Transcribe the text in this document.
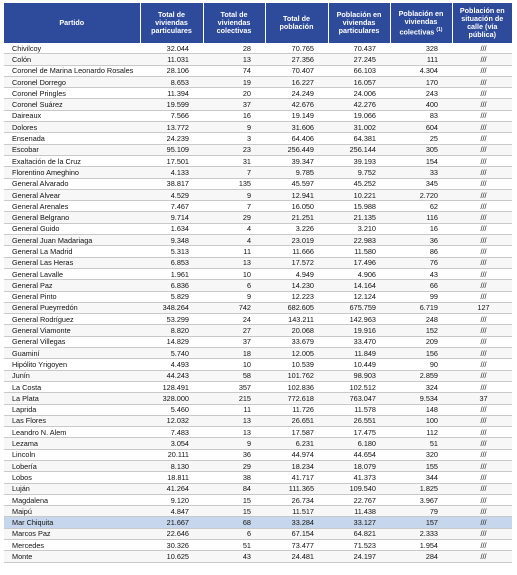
Partido	Total de viviendas particulares	Total de viviendas colectivas	Total de población	Población en viviendas particulares	Población en viviendas colectivas $^{(1)}$	Población en situación de calle (vía pública)
Chivilcoy	32.044	28	70.765	70.437	328	///
Colón	11.031	13	27.356	27.245	111	///
Coronel de Marina Leonardo Rosales	28.106	74	70.407	66.103	4.304	///
Coronel Dorrego	8.653	19	16.227	16.057	170	///
Coronel Pringles	11.394	20	24.249	24.006	243	///
Coronel Suárez	19.599	37	42.676	42.276	400	///
Daireaux	7.566	16	19.149	19.066	83	///
Dolores	13.772	9	31.606	31.002	604	///
Ensenada	24.239	3	64.406	64.381	25	///
Escobar	95.109	23	256.449	256.144	305	///
Exaltación de la Cruz	17.501	31	39.347	39.193	154	///
Florentino Ameghino	4.133	7	9.785	9.752	33	///
General Alvarado	38.817	135	45.597	45.252	345	///
General Alvear	4.529	9	12.941	10.221	2.720	///
General Arenales	7.467	7	16.050	15.988	62	///
General Belgrano	9.714	29	21.251	21.135	116	///
General Guido	1.634	4	3.226	3.210	16	///
General Juan Madariaga	9.348	4	23.019	22.983	36	///
General La Madrid	5.313	11	11.666	11.580	86	///
General Las Heras	6.853	13	17.572	17.496	76	///
General Lavalle	1.961	10	4.949	4.906	43	///
General Paz	6.836	6	14.230	14.164	66	///
General Pinto	5.829	9	12.223	12.124	99	///
General Pueyrredón	348.264	742	682.605	675.759	6.719	127
General Rodríguez	53.299	24	143.211	142.963	248	///
General Viamonte	8.820	27	20.068	19.916	152	///
General Villegas	14.829	37	33.679	33.470	209	///
Guaminí	5.740	18	12.005	11.849	156	///
Hipólito Yrigoyen	4.493	10	10.539	10.449	90	///
Junín	44.243	58	101.762	98.903	2.859	///
La Costa	128.491	357	102.836	102.512	324	///
La Plata	328.000	215	772.618	763.047	9.534	37
Laprida	5.460	11	11.726	11.578	148	///
Las Flores	12.032	13	26.651	26.551	100	///
Leandro N. Alem	7.483	13	17.587	17.475	112	///
Lezama	3.054	9	6.231	6.180	51	///
Lincoln	20.111	36	44.974	44.654	320	///
Lobería	8.130	29	18.234	18.079	155	///
Lobos	18.811	38	41.717	41.373	344	///
Luján	41.264	84	111.365	109.540	1.825	///
Magdalena	9.120	15	26.734	22.767	3.967	///
Maipú	4.847	15	11.517	11.438	79	///
Mar Chiquita	21.667	68	33.284	33.127	157	///
Marcos Paz	22.646	6	67.154	64.821	2.333	///
Mercedes	30.326	51	73.477	71.523	1.954	///
Monte	10.625	43	24.481	24.197	284	///
